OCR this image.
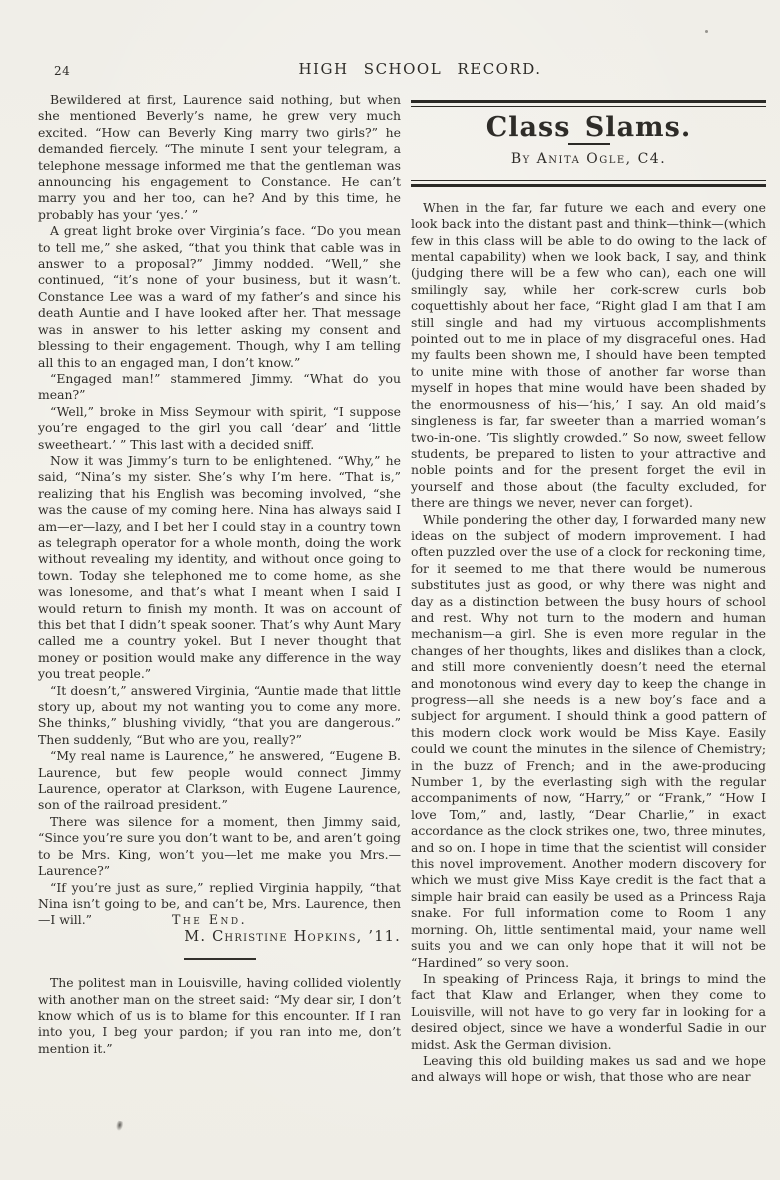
24	HIGH SCHOOL RECORD.

Bewildered at first, Laurence said nothing, but when she mentioned Beverly’s name, he grew very much excited. “How can Beverly King marry two girls?” he demanded fiercely. “The minute I sent your telegram, a telephone message informed me that the gentleman was announcing his engagement to Constance. He can’t marry you and her too, can he? And by this time, he probably has your ‘yes.’ ”

A great light broke over Virginia’s face. “Do you mean to tell me,” she asked, “that you think that cable was in answer to a proposal?” Jimmy nodded. “Well,” she continued, “it’s none of your business, but it wasn’t. Constance Lee was a ward of my father’s and since his death Auntie and I have looked after her. That message was in answer to his letter asking my consent and blessing to their engagement. Though, why I am telling all this to an engaged man, I don’t know.”

“Engaged man!” stammered Jimmy. “What do you mean?”

“Well,” broke in Miss Seymour with spirit, “I suppose you’re engaged to the girl you call ‘dear’ and ‘little sweetheart.’ ” This last with a decided sniff.

Now it was Jimmy’s turn to be enlightened. “Why,” he said, “Nina’s my sister. She’s why I’m here. “That is,” realizing that his English was becoming involved, “she was the cause of my coming here. Nina has always said I am—er—lazy, and I bet her I could stay in a country town as telegraph operator for a whole month, doing the work without revealing my identity, and without once going to town. Today she telephoned me to come home, as she was lonesome, and that’s what I meant when I said I would return to finish my month. It was on account of this bet that I didn’t speak sooner. That’s why Aunt Mary called me a country yokel. But I never thought that money or position would make any difference in the way you treat people.”

“It doesn’t,” answered Virginia, “Auntie made that little story up, about my not wanting you to come any more. She thinks,” blushing vividly, “that you are dangerous.” Then suddenly, “But who are you, really?”

“My real name is Laurence,” he answered, “Eugene B. Laurence, but few people would connect Jimmy Laurence, operator at Clarkson, with Eugene Laurence, son of the railroad president.”

There was silence for a moment, then Jimmy said, “Since you’re sure you don’t want to be, and aren’t going to be Mrs. King, won’t you—let me make you Mrs.—Laurence?”

“If you’re just as sure,” replied Virginia happily, “that Nina isn’t going to be, and can’t be, Mrs. Laurence, then—I will.”	The End.

M. Christine Hopkins, ’11.

The politest man in Louisville, having collided violently with another man on the street said: “My dear sir, I don’t know which of us is to blame for this encounter. If I ran into you, I beg your pardon; if you ran into me, don’t mention it.”

Class Slams.

By Anita Ogle, C4.

When in the far, far future we each and every one look back into the distant past and think—think—(which few in this class will be able to do owing to the lack of mental capability) when we look back, I say, and think (judging there will be a few who can), each one will smilingly say, while her cork-screw curls bob coquettishly about her face, “Right glad I am that I am still single and had my virtuous accomplishments pointed out to me in place of my disgraceful ones. Had my faults been shown me, I should have been tempted to unite mine with those of another far worse than myself in hopes that mine would have been shaded by the enormousness of his—‘his,’ I say. An old maid’s singleness is far, far sweeter than a married woman’s two-in-one. ’Tis slightly crowded.” So now, sweet fellow students, be prepared to listen to your attractive and noble points and for the present forget the evil in yourself and those about (the faculty excluded, for there are things we never, never can forget).

While pondering the other day, I forwarded many new ideas on the subject of modern improvement. I had often puzzled over the use of a clock for reckoning time, for it seemed to me that there would be numerous substitutes just as good, or why there was night and day as a distinction between the busy hours of school and rest. Why not turn to the modern and human mechanism—a girl. She is even more regular in the changes of her thoughts, likes and dislikes than a clock, and still more conveniently doesn’t need the eternal and monotonous wind every day to keep the change in progress—all she needs is a new boy’s face and a subject for argument. I should think a good pattern of this modern clock work would be Miss Kaye. Easily could we count the minutes in the silence of Chemistry; in the buzz of French; and in the awe-producing Number 1, by the everlasting sigh with the regular accompaniments of now, “Harry,” or “Frank,” “How I love Tom,” and, lastly, “Dear Charlie,” in exact accordance as the clock strikes one, two, three minutes, and so on. I hope in time that the scientist will consider this novel improvement. Another modern discovery for which we must give Miss Kaye credit is the fact that a simple hair braid can easily be used as a Princess Raja snake. For full information come to Room 1 any morning. Oh, little sentimental maid, your name well suits you and we can only hope that it will not be “Hardined” so very soon.

In speaking of Princess Raja, it brings to mind the fact that Klaw and Erlanger, when they come to Louisville, will not have to go very far in looking for a desired object, since we have a wonderful Sadie in our midst. Ask the German division.

Leaving this old building makes us sad and we hope and always will hope or wish, that those who are near
